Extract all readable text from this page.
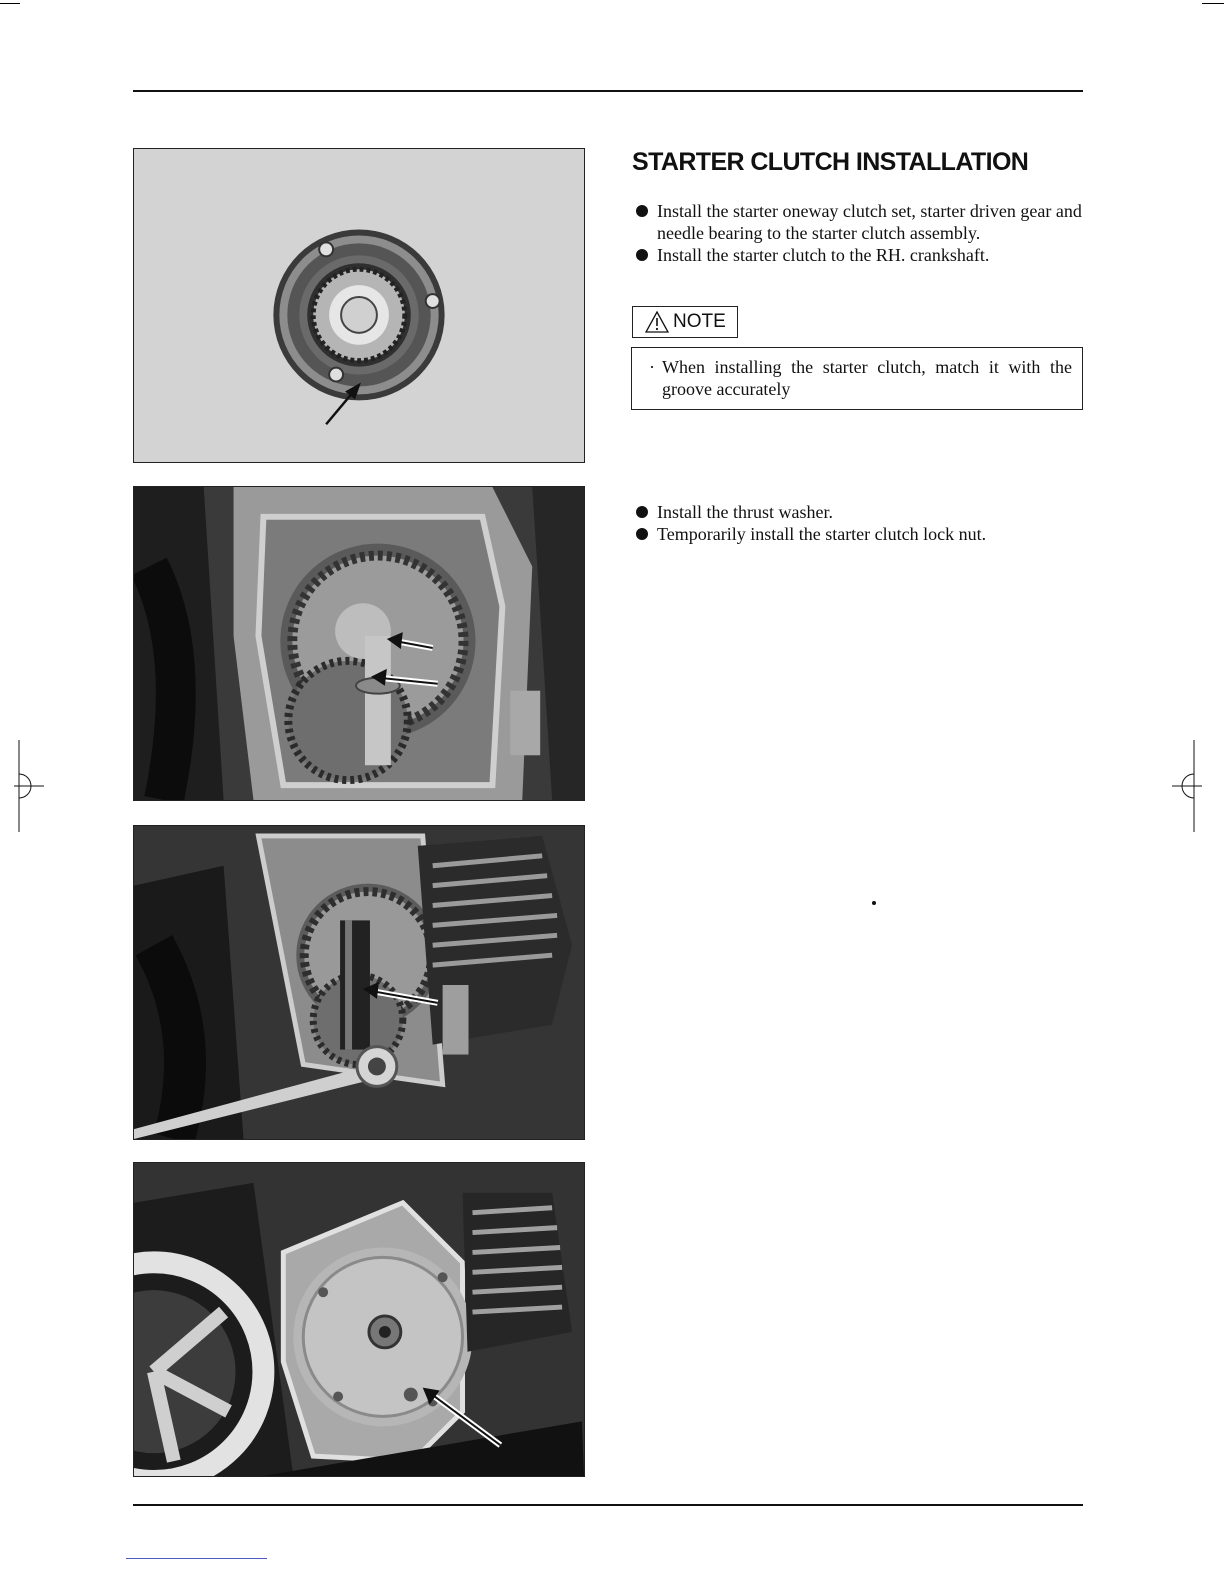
STARTER CLUTCH INSTALLATION
Install the starter oneway clutch set, starter driven gear and needle bearing to the starter clutch assembly.
Install the starter clutch to the RH. crankshaft.
NOTE
· When installing the starter clutch, match it with the groove accurately
Install the thrust washer.
Temporarily install the starter clutch lock nut.
